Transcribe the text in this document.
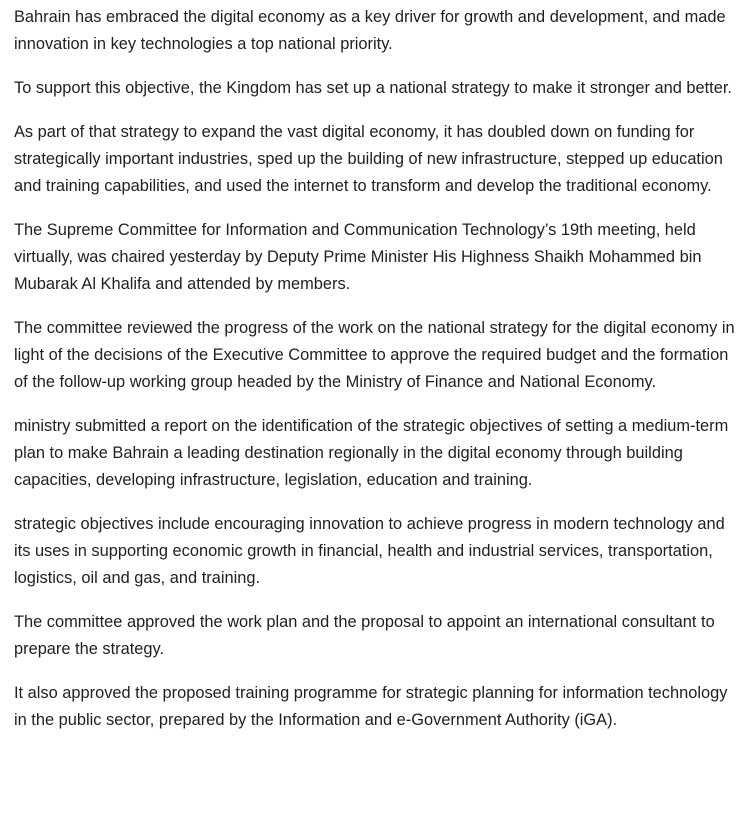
Bahrain has embraced the digital economy as a key driver for growth and development, and made innovation in key technologies a top national priority.

To support this objective, the Kingdom has set up a national strategy to make it stronger and better.

As part of that strategy to expand the vast digital economy, it has doubled down on funding for strategically important industries, sped up the building of new infrastructure, stepped up education and training capabilities, and used the internet to transform and develop the traditional economy.

The Supreme Committee for Information and Communication Technology’s 19th meeting, held virtually, was chaired yesterday by Deputy Prime Minister His Highness Shaikh Mohammed bin Mubarak Al Khalifa and attended by members.

The committee reviewed the progress of the work on the national strategy for the digital economy in light of the decisions of the Executive Committee to approve the required budget and the formation of the follow-up working group headed by the Ministry of Finance and National Economy.

ministry submitted a report on the identification of the strategic objectives of setting a medium-term plan to make Bahrain a leading destination regionally in the digital economy through building capacities, developing infrastructure, legislation, education and training.

strategic objectives include encouraging innovation to achieve progress in modern technology and its uses in supporting economic growth in financial, health and industrial services, transportation, logistics, oil and gas, and training.

The committee approved the work plan and the proposal to appoint an international consultant to prepare the strategy.

It also approved the proposed training programme for strategic planning for information technology in the public sector, prepared by the Information and e-Government Authority (iGA).
